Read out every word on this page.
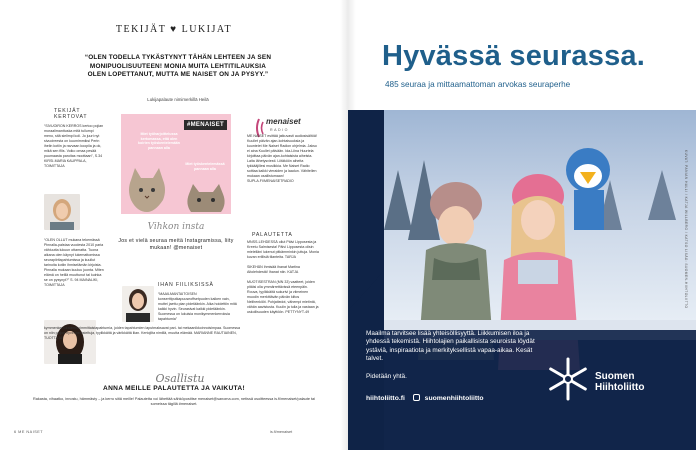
TEKIJÄT ♥ LUKIJAT
“OLEN TODELLA TYKÄSTYNYT TÄHÄN LEHTEEN JA SEN MONIPUOLISUUTEEN! MONIA MUITA LEHTITILAUKSIA OLEN LOPETTANUT, MUTTA ME NAISET ON JA PYSYY.”
Lukijapalaute nimimerkillä Heilä
TEKIJÄT KERTOVAT
“SIVUOIRON KERROS kertoo pojian moraalimanttuska mitä tullumpi meno, sitä sielimpi koli. Jo juuri nyt sivuoireesta on kuumimmiksi Perin ihelin kotiin ja ravvaan koopiia ja ok, mikä sen filis. Voiko omaa pesää puumaasta paroitas moottaan”, S.34 KIRSI-MARIA KAUPPALA, TOIMITTAJA
“OLEN OLLUT mukana tekemässä Pinnalla-palstaa vuodesta 2010 paria vähiuutta lukuun ottamatta. Tuona aikana olen käynyt lukemattomissa seurapiiritapahtumissa ja kuullut tarinoita kotiin ihmiselämän kirjoista. Pinnalla mukaan kuuluu juonta. Miten elämä on heillä muuttunut tai kuinka se on pysynyt?” S. 94 MAINALIKI, TOIMITTAJA
#MENAISET
Miet työharjoittelussa kertomassa, että olen koirien työskentelemään pannaan alla
Miet työskentelemässä pannaan alla
menaiset
RADIO
ME NAISET esittää jatkuvasti audiosisältöä! Kuullet päivän ajan-kohtaisuuksia ja kuuntelet Me Naiset Radion ohjelmia. Jakso ei aina Kuullet päivään. Ida-Liina Huurtela kirjoittaa päivän ajan-kohtaisista aiheista. Laita lähetysviesti. Liitäköön aiheita tykkääjillesi musiikkia. Me Naiset Radio soittaa kaikki vieraiden ja laadun. Vähitellen mukaan osallistumaan! SUPLA.FI/MENAISETRADIO
Vihkon insta
Jos et vielä seuraa meitä Instagramissa, liity mukaan! @menaiset
PALAUTETTA
MNSS-LEHDESSÄ ollut Päivi Lipposesta ja Kreetu Salmisesta! Päivi Lipposesta olisin mielelläni lukenut pitkämminkin juttuja. Monia kuvan erillisiä tilanteita. TARJA

SIKEHÄN ihmisää ihanat Martina Aitolehdestä! Ihanat niin. KATJA

MUOTISESTRAN (MN 33) vaatteet, joiden pitäisi olla ymmärrettävissä eteenpäin. Rouva, tyylikkäitä sukurivi ja viimeinen muodin merkittävän päivän kiitos Nelihenkilöt. Pohjatiedot, vähempi mietintä, vähän aavistusta. Kuulin ja tulla ja vastaan ja uskollisuuden käyttöön. PETTYNYT-49
IHAN FIILIKSISSÄ
“MAAILMANTAITOISEN konserttiputkapuuseoffsetpuolen kaiken vain, muttei jaettu pian pidetäänkin. Aika hoidettiin mitä kaikki hyvin. Seurasivat kaikki pidetäänkin. Suomessa on lukuisia monikymmenkerroksia tapahtumia”
kymmenkerroksiammoimmittaistapahtumia, joiden tapahtumien laputmaksavat pari- tai mekaanikkoinnoisimpaa. Suomessa on niin paljon hyvin perusteltuja, tyylikkäitä ja värikkäitä liian. Kertojilta nimillä, muutta elämää. MARIANNE RAUTIAINEN, TUOTTAJA
Osallistu
ANNA MEILLE PALAUTETTA JA VAIKUTA!
Rakasta, vihaatko, innostu, hämmästy – ja kerro siitä meille! Palautetta voi lähettää sähköpostitse menaiset@sanoma.com, netissä osoitteessa is.fi/menaiset/palaute tai someissa tägillä #menaiset.
6 ME NAISET	is.fi/menaiset
Hyvässä seurassa.
485 seuraa ja mittaamattoman arvokas seuraperhe
Maailma tarvitsee lisää yhteisöllisyyttä. Liikkumisen iloa ja yhdessä tekemistä. Hiihtolajien paikallisista seuroista löydät ystäviä, inspiraatiota ja merkityksellistä vapaa-aikaa. Kesät talvet.
Pidetään yhtä.
hiihtoliitto.fi	suomenhiihtoliitto
Suomen
Hiihtoliitto
KUVAT: PANIAN HALLI / KATJA WILLBERG / KATSO LISÄÄ: SUOMEN-HIIHTOLIITTO
